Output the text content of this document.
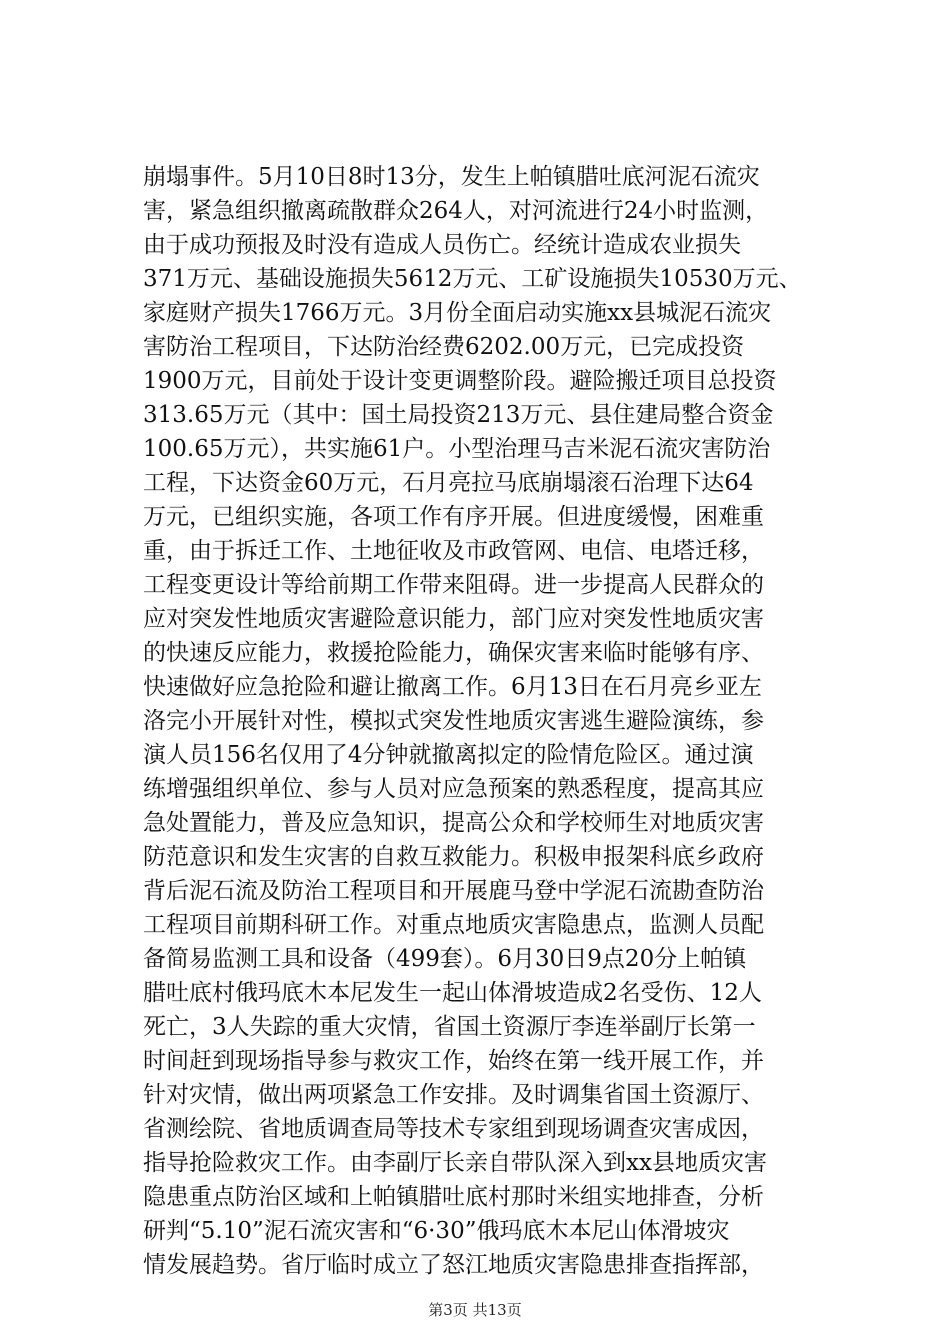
崩塌事件。5月10日8时13分，发生上帕镇腊吐底河泥石流灾
害，紧急组织撤离疏散群众264人，对河流进行24小时监测，
由于成功预报及时没有造成人员伤亡。经统计造成农业损失
371万元、基础设施损失5612万元、工矿设施损失10530万元、
家庭财产损失1766万元。3月份全面启动实施xx县城泥石流灾
害防治工程项目，下达防治经费6202.00万元，已完成投资
1900万元，目前处于设计变更调整阶段。避险搬迁项目总投资
313.65万元（其中：国土局投资213万元、县住建局整合资金
100.65万元），共实施61户。小型治理马吉米泥石流灾害防治
工程，下达资金60万元，石月亮拉马底崩塌滚石治理下达64
万元，已组织实施，各项工作有序开展。但进度缓慢，困难重
重，由于拆迁工作、土地征收及市政管网、电信、电塔迁移，
工程变更设计等给前期工作带来阻碍。进一步提高人民群众的
应对突发性地质灾害避险意识能力，部门应对突发性地质灾害
的快速反应能力，救援抢险能力，确保灾害来临时能够有序、
快速做好应急抢险和避让撤离工作。6月13日在石月亮乡亚左
洛完小开展针对性，模拟式突发性地质灾害逃生避险演练，参
演人员156名仅用了4分钟就撤离拟定的险情危险区。通过演
练增强组织单位、参与人员对应急预案的熟悉程度，提高其应
急处置能力，普及应急知识，提高公众和学校师生对地质灾害
防范意识和发生灾害的自救互救能力。积极申报架科底乡政府
背后泥石流及防治工程项目和开展鹿马登中学泥石流勘查防治
工程项目前期科研工作。对重点地质灾害隐患点，监测人员配
备简易监测工具和设备（499套）。6月30日9点20分上帕镇
腊吐底村俄玛底木本尼发生一起山体滑坡造成2名受伤、12人
死亡，3人失踪的重大灾情，省国土资源厅李连举副厅长第一
时间赶到现场指导参与救灾工作，始终在第一线开展工作，并
针对灾情，做出两项紧急工作安排。及时调集省国土资源厅、
省测绘院、省地质调查局等技术专家组到现场调查灾害成因，
指导抢险救灾工作。由李副厅长亲自带队深入到xx县地质灾害
隐患重点防治区域和上帕镇腊吐底村那时米组实地排查，分析
研判“5.10”泥石流灾害和“6·30”俄玛底木本尼山体滑坡灾
情发展趋势。省厅临时成立了怒江地质灾害隐患排查指挥部，
第3页 共13页
